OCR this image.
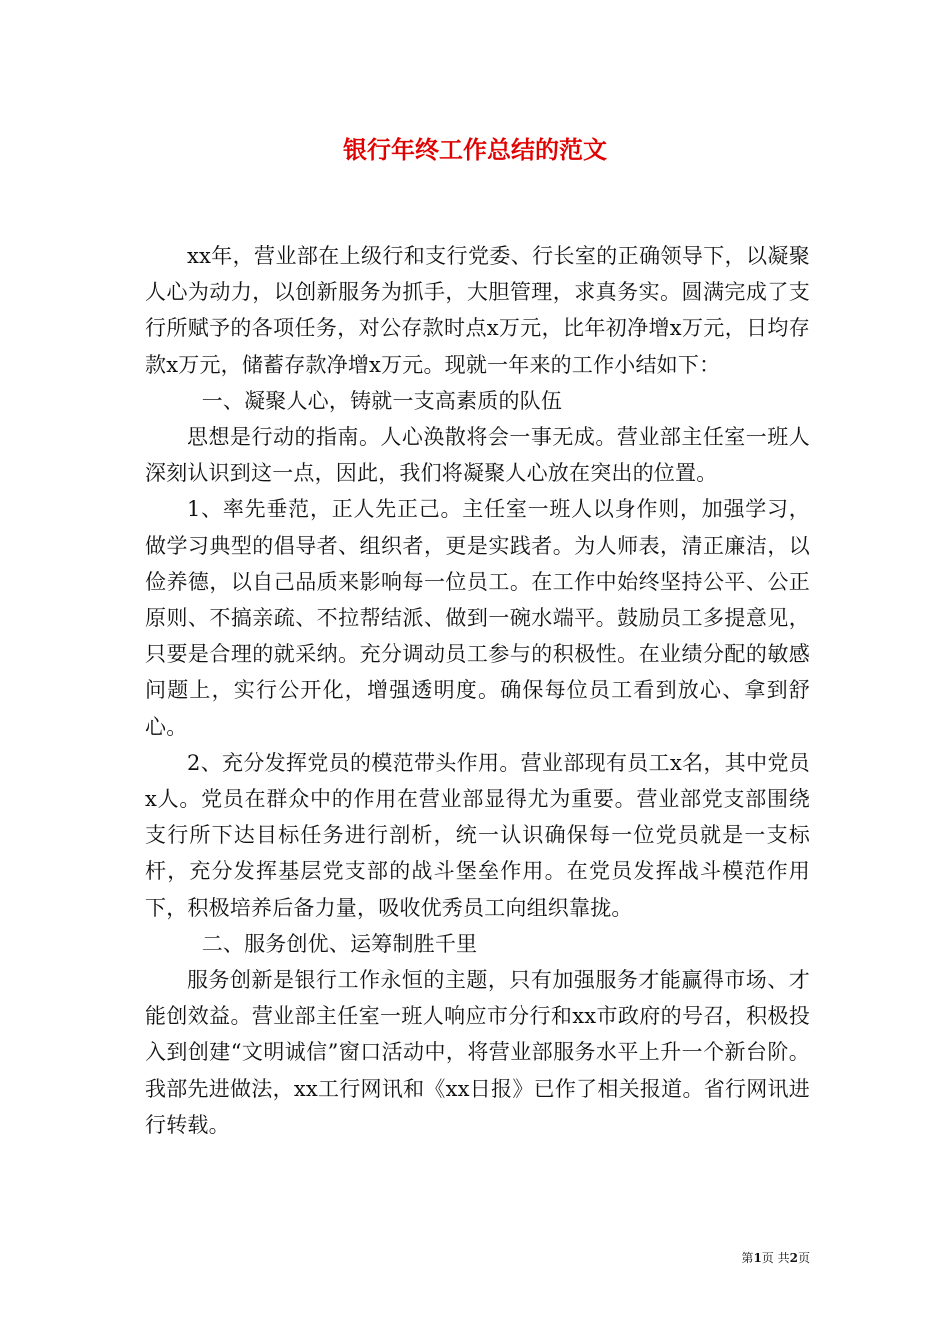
银行年终工作总结的范文

xx年，营业部在上级行和支行党委、行长室的正确领导下，以凝聚人心为动力，以创新服务为抓手，大胆管理，求真务实。圆满完成了支行所赋予的各项任务，对公存款时点x万元，比年初净增x万元，日均存款x万元，储蓄存款净增x万元。现就一年来的工作小结如下：

一、凝聚人心，铸就一支高素质的队伍

思想是行动的指南。人心涣散将会一事无成。营业部主任室一班人深刻认识到这一点，因此，我们将凝聚人心放在突出的位置。

1、率先垂范，正人先正己。主任室一班人以身作则，加强学习，做学习典型的倡导者、组织者，更是实践者。为人师表，清正廉洁，以俭养德，以自己品质来影响每一位员工。在工作中始终坚持公平、公正原则、不搞亲疏、不拉帮结派、做到一碗水端平。鼓励员工多提意见，只要是合理的就采纳。充分调动员工参与的积极性。在业绩分配的敏感问题上，实行公开化，增强透明度。确保每位员工看到放心、拿到舒心。

2、充分发挥党员的模范带头作用。营业部现有员工x名，其中党员x人。党员在群众中的作用在营业部显得尤为重要。营业部党支部围绕支行所下达目标任务进行剖析，统一认识确保每一位党员就是一支标杆，充分发挥基层党支部的战斗堡垒作用。在党员发挥战斗模范作用下，积极培养后备力量，吸收优秀员工向组织靠拢。

二、服务创优、运筹制胜千里

服务创新是银行工作永恒的主题，只有加强服务才能赢得市场、才能创效益。营业部主任室一班人响应市分行和xx市政府的号召，积极投入到创建“文明诚信”窗口活动中，将营业部服务水平上升一个新台阶。我部先进做法，xx工行网讯和《xx日报》已作了相关报道。省行网讯进行转载。

第1页 共2页
